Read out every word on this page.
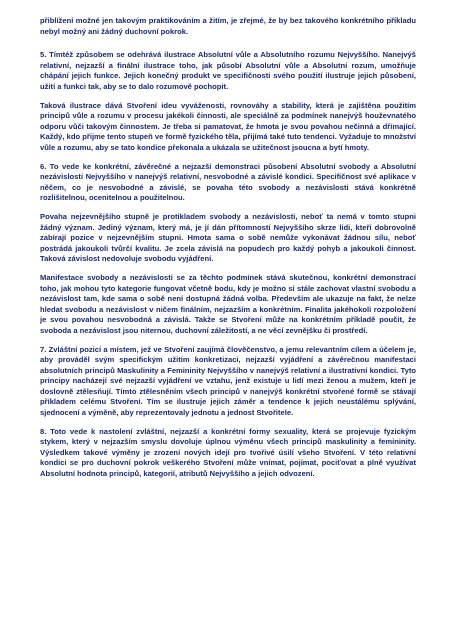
přiblížení možné jen takovým praktikováním a žitím, je zřejmé, že by bez takového konkrétního příkladu nebyl možný ani žádný duchovní pokrok.

5. Tímtéž způsobem se odehrává ilustrace Absolutní vůle a Absolutního rozumu Nejvyššího. Nanejvýš relativní, nejzazší a finální ilustrace toho, jak působí Absolutní vůle a Absolutní rozum, umožňuje chápání jejich funkce. Jejich konečný produkt ve specifičnosti svého použití ilustruje jejich působení, užití a funkci tak, aby se to dalo rozumově pochopit.

Taková ilustrace dává Stvoření ideu vyváženosti, rovnováhy a stability, která je zajištěna použitím principů vůle a rozumu v procesu jakékoli činnosti, ale speciálně za podmínek nanejvýš houževnatého odporu vůči takovým činnostem. Je třeba si pamatovat, že hmota je svou povahou nečinná a dřímající. Každý, kdo přijme tento stupeň ve formě fyzického těla, přijímá také tuto tendenci. Vyžaduje to množství vůle a rozumu, aby se tato kondice překonala a ukázala se užitečnost jsoucna a bytí hmoty.

6. To vede ke konkrétní, závěrečné a nejzazší demonstraci působení Absolutní svobody a Absolutní nezávislosti Nejvyššího v nanejvýš relativní, nesvobodné a závislé kondici. Specifičnost své aplikace v něčem, co je nesvobodné a závislé, se povaha této svobody a nezávislosti stává konkrétně rozlišitelnou, ocenitelnou a použitelnou.

Povaha nejzevnějšího stupně je protikladem svobody a nezávislosti, neboť ta nemá v tomto stupni žádný význam. Jediný význam, který má, je jí dán přítomností Nejvyššího skrze lidi, kteří dobrovolně zabírají pozice v nejzevnějším stupni. Hmota sama o sobě nemůže vykonávat žádnou sílu, neboť postrádá jakoukoli tvůrčí kvalitu. Je zcela závislá na popudech pro každý pohyb a jakoukoli činnost. Taková závislost nedovoluje svobodu vyjádření.

Manifestace svobody a nezávislosti se za těchto podmínek stává skutečnou, konkrétní demonstrací toho, jak mohou tyto kategorie fungovat včetně bodu, kdy je možno si stále zachovat vlastní svobodu a nezávislost tam, kde sama o sobě není dostupná žádná volba. Především ale ukazuje na fakt, že nelze hledat svobodu a nezávislost v ničem finálním, nejzazším a konkrétním. Finalita jakéhokoli rozpoložení je svou povahou nesvobodná a závislá. Takže se Stvoření může na konkrétním příkladě poučit, že svoboda a nezávislost jsou niternou, duchovní záležitostí, a ne věcí zevnějšku či prostředí.

7. Zvláštní pozicí a místem, jež ve Stvoření zaujímá člověčenstvo, a jemu relevantním cílem a účelem je, aby prováděl svým specifickým užitím konkretizaci, nejzazší vyjádření a závěrečnou manifestaci absolutních principů Maskulinity a Femininity Nejvyššího v nanejvýš relativní a ilustrativní kondici. Tyto principy nacházejí své nejzazší vyjádření ve vztahu, jenž existuje u lidí mezi ženou a mužem, kteří je doslovně ztělesňují. Tímto ztělesněním všech principů v nanejvýš konkrétní stvořené formě se stávají příkladem celému Stvoření. Tím se ilustruje jejich záměr a tendence k jejich neustálému splývání, sjednocení a výměně, aby reprezentovaly jednotu a jednost Stvořitele.

8. Toto vede k nastolení zvláštní, nejzazší a konkrétní formy sexuality, která se projevuje fyzickým stykem, který v nejzazším smyslu dovoluje úplnou výměnu všech principů maskulinity a femininity. Výsledkem takové výměny je zrození nových idejí pro tvořivé úsilí všeho Stvoření. V této relativní kondici se pro duchovní pokrok veškerého Stvoření může vnímat, pojímat, pociťovat a plně využívat Absolutní hodnota principů, kategorií, atributů Nejvyššího a jejich odvození.
